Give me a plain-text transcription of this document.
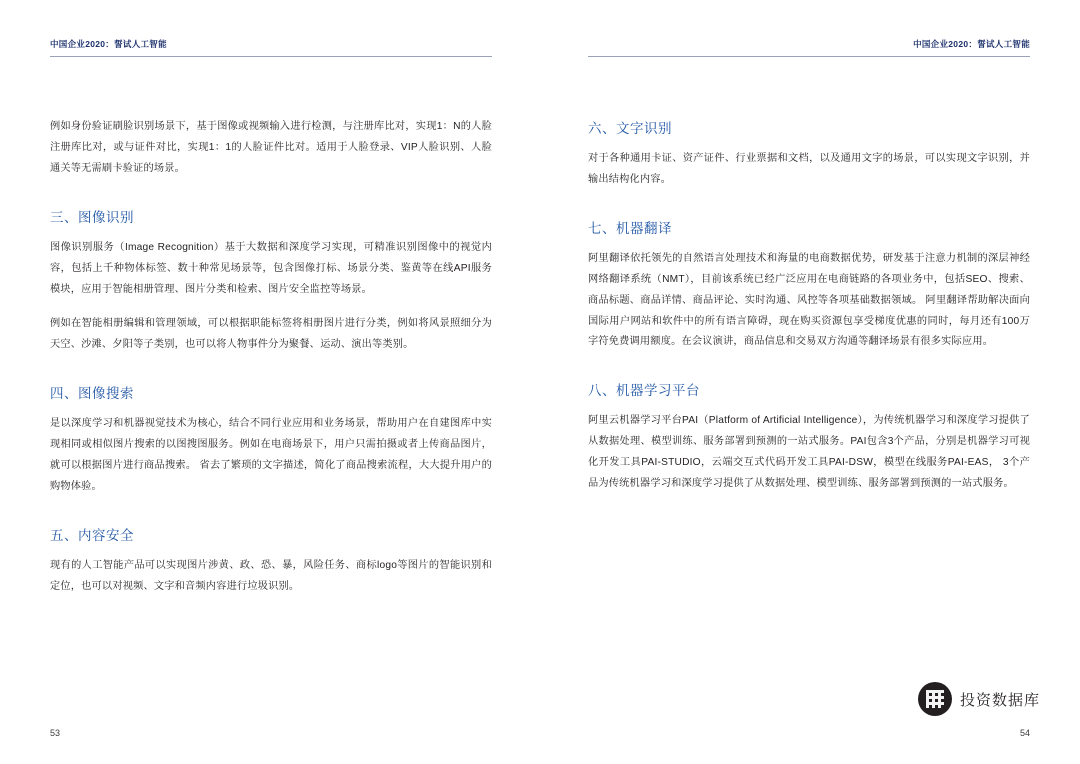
中国企业2020：誓试人工智能

例如身份验证刷脸识别场景下，基于图像或视频输入进行检测，与注册库比对，实现1：N的人脸注册库比对，或与证件对比，实现1：1的人脸证件比对。适用于人脸登录、VIP人脸识别、人脸通关等无需刷卡验证的场景。

三、图像识别

图像识别服务（Image Recognition）基于大数据和深度学习实现，可精准识别图像中的视觉内容，包括上千种物体标签、数十种常见场景等，包含图像打标、场景分类、鉴黄等在线API服务模块，应用于智能相册管理、图片分类和检索、图片安全监控等场景。

例如在智能相册编辑和管理领域，可以根据职能标签将相册图片进行分类，例如将风景照细分为天空、沙滩、夕阳等子类别，也可以将人物事件分为聚餐、运动、演出等类别。

四、图像搜索

是以深度学习和机器视觉技术为核心，结合不同行业应用和业务场景，帮助用户在自建图库中实现相同或相似图片搜索的以图搜图服务。例如在电商场景下，用户只需拍摄或者上传商品图片，就可以根据图片进行商品搜索。 省去了繁琐的文字描述，简化了商品搜索流程，大大提升用户的购物体验。

五、内容安全

现有的人工智能产品可以实现图片涉黄、政、恐、暴，风险任务、商标logo等图片的智能识别和定位，也可以对视频、文字和音频内容进行垃圾识别。

53
中国企业2020：誓试人工智能
六、文字识别

对于各种通用卡证、资产证件、行业票据和文档，以及通用文字的场景，可以实现文字识别，并输出结构化内容。

七、机器翻译

阿里翻译依托领先的自然语言处理技术和海量的电商数据优势，研发基于注意力机制的深层神经网络翻译系统（NMT），目前该系统已经广泛应用在电商链路的各项业务中，包括SEO、搜索、商品标题、商品详情、商品评论、实时沟通、风控等各项基础数据领域。 阿里翻译帮助解决面向国际用户网站和软件中的所有语言障碍，现在购买资源包享受梯度优惠的同时，每月还有100万字符免费调用额度。在会议演讲，商品信息和交易双方沟通等翻译场景有很多实际应用。

八、机器学习平台

阿里云机器学习平台PAI（Platform of Artificial Intelligence），为传统机器学习和深度学习提供了从数据处理、模型训练、服务部署到预测的一站式服务。PAI包含3个产品，分别是机器学习可视化开发工具PAI-STUDIO，云端交互式代码开发工具PAI-DSW，模型在线服务PAI-EAS， 3个产品为传统机器学习和深度学习提供了从数据处理、模型训练、服务部署到预测的一站式服务。

投资数据库
54
